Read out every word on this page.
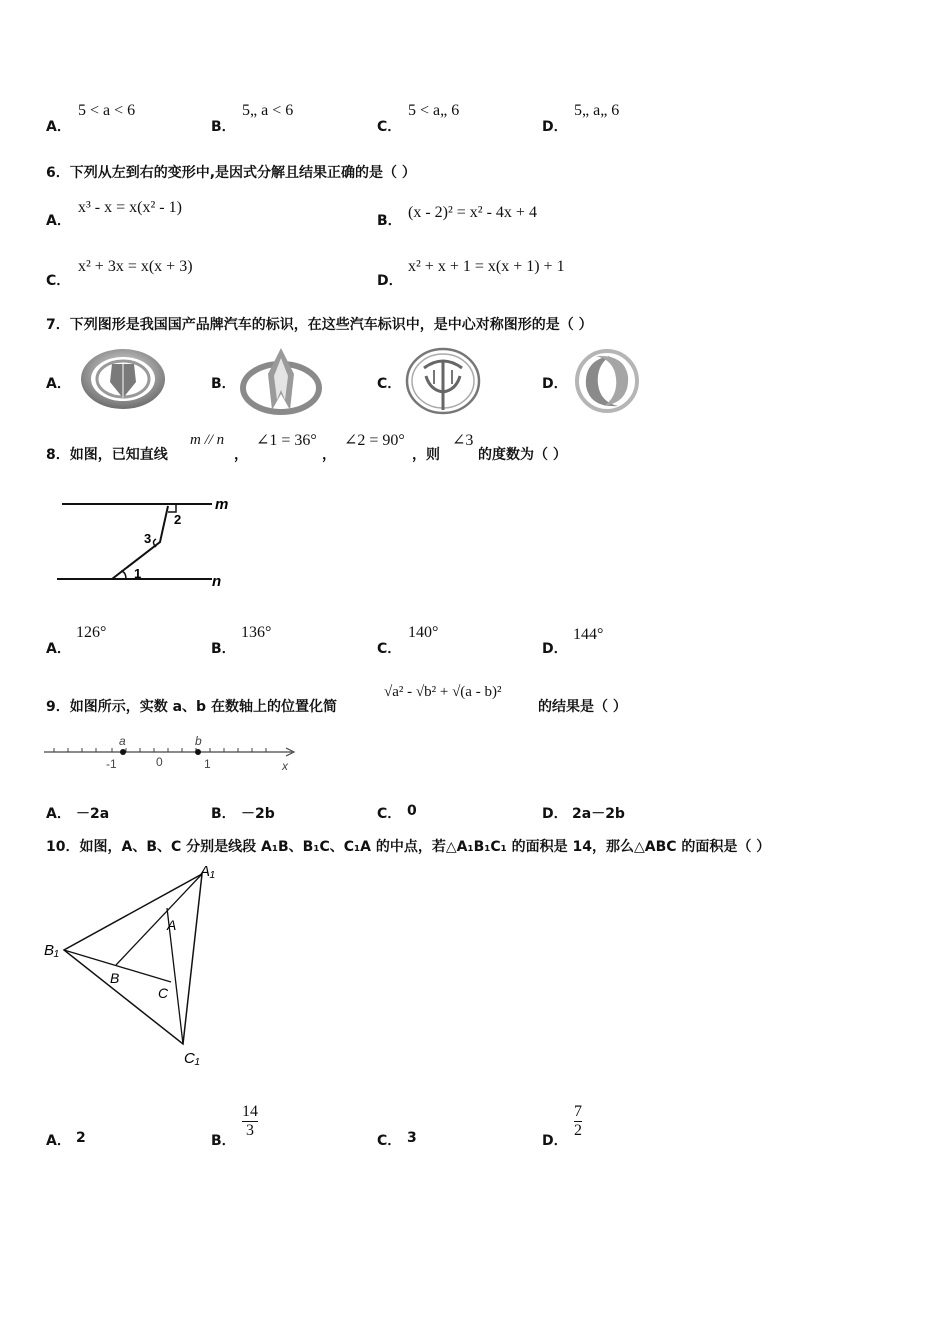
A．
5 < a < 6
B．
5„ a < 6
C．
5 < a„ 6
D．
5„ a„ 6
6．下列从左到右的变形中,是因式分解且结果正确的是（ ）
A．
x³ - x = x(x² - 1)
B． (x - 2)² = x² - 4x + 4
C．
x² + 3x = x(x + 3)
D．
x² + x + 1 = x(x + 1) + 1
7．下列图形是我国国产品牌汽车的标识，在这些汽车标识中，是中心对称图形的是（ ）
A．	B．	C．	D．
8．如图，已知直线
m // n
，
∠1 = 36°
，
∠2 = 90°
，则
∠3
的度数为（ ）
m
n
2
3
1
A．
126°
B．
136°
C．
140°
D．
144°
9．如图所示，实数 a、b 在数轴上的位置化简
√a² - √b² + √(a - b)²
的结果是（ ）
a	b
-1	0	1	x
A． －2a	B． －2b	C． 0	D． 2a－2b
10．如图，A、B、C 分别是线段 A₁B、B₁C、C₁A 的中点，若△A₁B₁C₁ 的面积是 14，那么△ABC 的面积是（ ）
A₁
B₁
C₁
A
B
C
A． 2	B．
14
3
C． 3	D．
7
2
